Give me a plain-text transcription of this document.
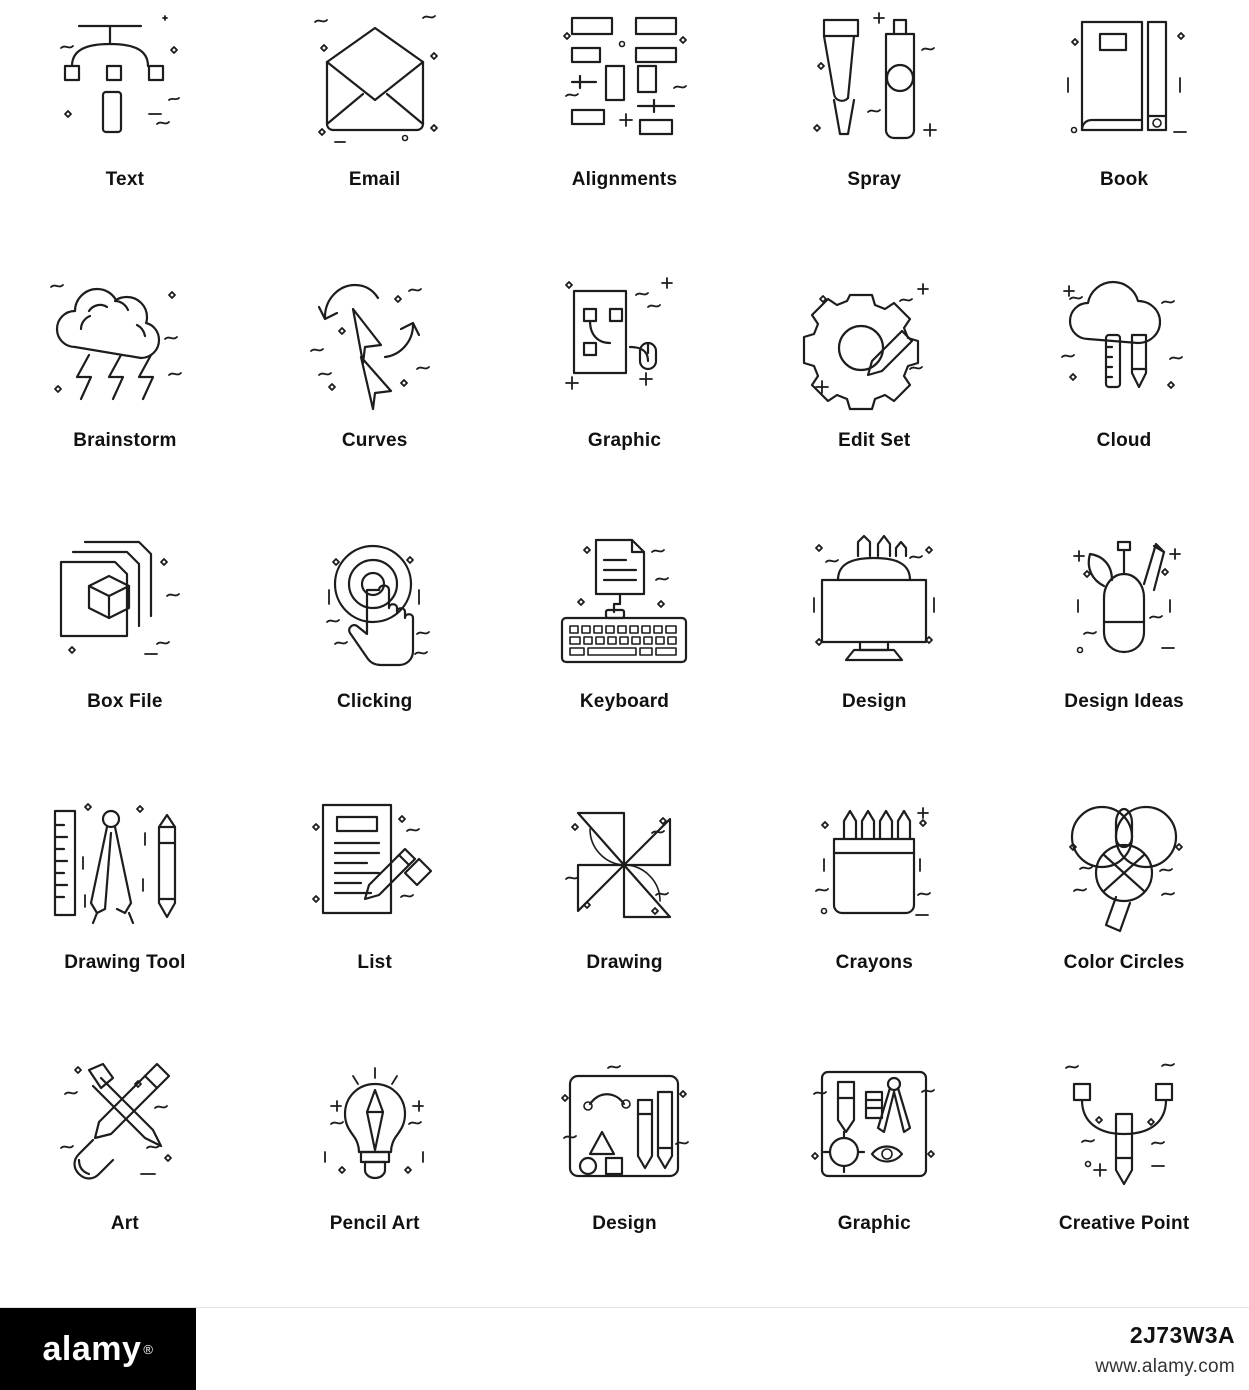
Text	Email	Alignments	Spray	Book
Brainstorm	Curves	Graphic	Edit Set	Cloud
Box File	Clicking	Keyboard	Design	Design Ideas
Drawing Tool	List	Drawing	Crayons	Color Circles
Art	Pencil Art	Design	Graphic	Creative Point
alamy ®
2J73W3A
www.alamy.com
